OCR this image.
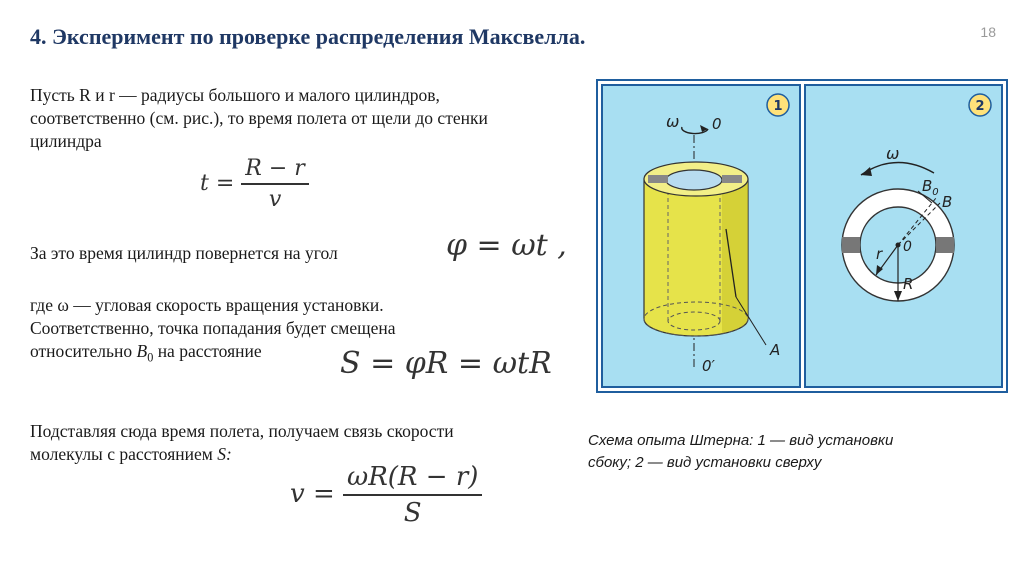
4. Эксперимент по проверке распределения Максвелла.	18
Пусть R и r — радиусы большого и малого цилиндров,
соответственно (см. рис.), то время полета от щели до стенки
цилиндра
$t = \frac{R - r}{v}$
За это время цилиндр повернется на угол	φ = ωt ,
где ω — угловая скорость вращения установки.
Соответственно, точка попадания будет смещена
относительно $B_0$ на расстояние	S = φR = ωtR
Подставляя сюда время полета, получаем связь скорости
молекулы с расстоянием S:
$v = \frac{\omega R(R - r)}{S}$
1	2
ω 0
A
0′
ω
$B_0$
B
r 0
R
Схема опыта Штерна: 1 — вид установки
сбоку; 2 — вид установки сверху
